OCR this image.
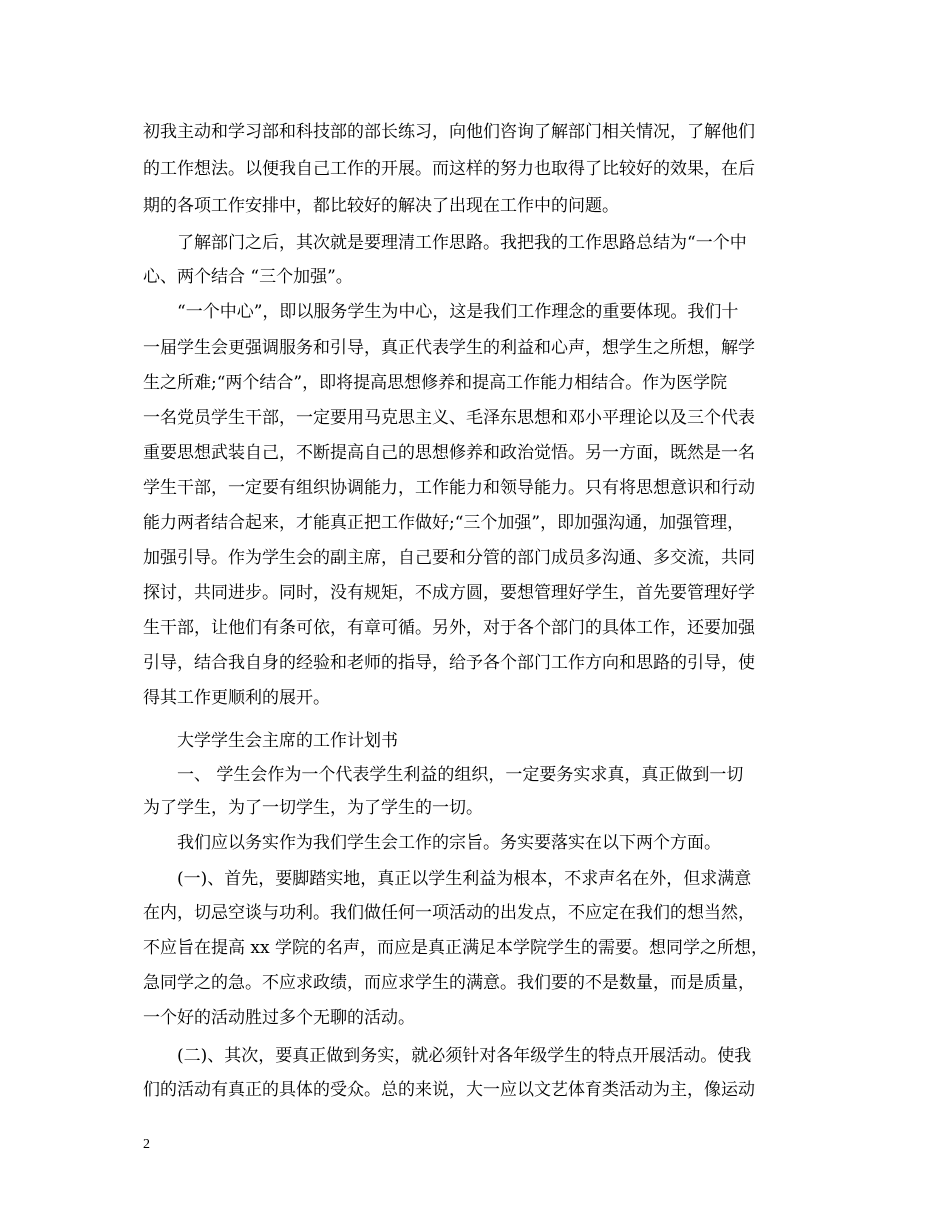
初我主动和学习部和科技部的部长练习，向他们咨询了解部门相关情况，了解他们
的工作想法。以便我自己工作的开展。而这样的努力也取得了比较好的效果，在后
期的各项工作安排中，都比较好的解决了出现在工作中的问题。
了解部门之后，其次就是要理清工作思路。我把我的工作思路总结为“一个中
心、两个结合 “三个加强”。
“一个中心”，即以服务学生为中心，这是我们工作理念的重要体现。我们十
一届学生会更强调服务和引导，真正代表学生的利益和心声，想学生之所想，解学
生之所难;“两个结合”，即将提高思想修养和提高工作能力相结合。作为医学院
一名党员学生干部，一定要用马克思主义、毛泽东思想和邓小平理论以及三个代表
重要思想武装自己，不断提高自己的思想修养和政治觉悟。另一方面，既然是一名
学生干部，一定要有组织协调能力，工作能力和领导能力。只有将思想意识和行动
能力两者结合起来，才能真正把工作做好;“三个加强”，即加强沟通，加强管理，
加强引导。作为学生会的副主席，自己要和分管的部门成员多沟通、多交流，共同
探讨，共同进步。同时，没有规矩，不成方圆，要想管理好学生，首先要管理好学
生干部，让他们有条可依，有章可循。另外，对于各个部门的具体工作，还要加强
引导，结合我自身的经验和老师的指导，给予各个部门工作方向和思路的引导，使
得其工作更顺利的展开。
大学学生会主席的工作计划书
一、 学生会作为一个代表学生利益的组织，一定要务实求真，真正做到一切
为了学生，为了一切学生，为了学生的一切。
我们应以务实作为我们学生会工作的宗旨。务实要落实在以下两个方面。
(一)、首先，要脚踏实地，真正以学生利益为根本，不求声名在外，但求满意
在内，切忌空谈与功利。我们做任何一项活动的出发点，不应定在我们的想当然，
不应旨在提高 xx 学院的名声，而应是真正满足本学院学生的需要。想同学之所想，
急同学之的急。不应求政绩，而应求学生的满意。我们要的不是数量，而是质量，
一个好的活动胜过多个无聊的活动。
(二)、其次，要真正做到务实，就必须针对各年级学生的特点开展活动。使我
们的活动有真正的具体的受众。总的来说，大一应以文艺体育类活动为主，像运动
2
